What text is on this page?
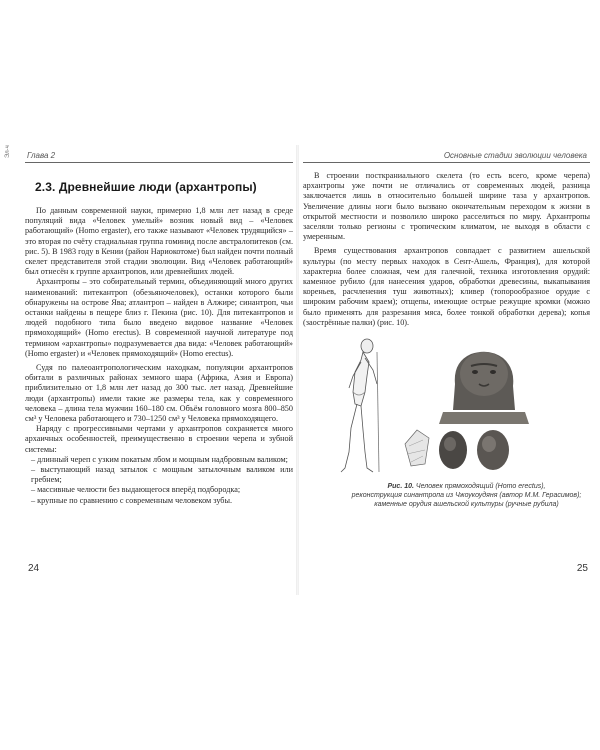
Эл-ч Глава 2
2.3. Древнейшие люди (архантропы)

По данным современной науки, примерно 1,8 млн лет назад в среде популяций вида «Человек умелый» возник новый вид – «Человек работающий» (Homo ergaster), его также называют «Человек трудящийся» – это вторая по счёту стадиальная группа гоминид после австралопитеков (см. рис. 5). В 1983 году в Кении (район Нариокотоме) был найден почти полный скелет представителя этой стадии эволюции. Вид «Человек работающий» был отнесён к группе архантропов, или древнейших людей.

Архантропы – это собирательный термин, объединяющий много других наименований: питекантроп (обезьяночеловек), останки которого были обнаружены на острове Ява; атлантроп – найден в Алжире; синантроп, чьи останки найдены в пещере близ г. Пекина (рис. 10). Для питекантропов и людей подобного типа было введено видовое название «Человек прямоходящий» (Homo erectus). В современной научной литературе под термином «архантропы» подразумевается два вида: «Человек работающий» (Homo ergaster) и «Человек прямоходящий» (Homo erectus).

Судя по палеоантропологическим находкам, популяции архантропов обитали в различных районах земного шара (Африка, Азия и Европа) приблизительно от 1,8 млн лет назад до 300 тыс. лет назад. Древнейшие люди (архантропы) имели такие же размеры тела, как у современного человека – длина тела мужчин 160–180 см. Объём головного мозга 800–850 см³ у Человека работающего и 730–1250 см³ у Человека прямоходящего.

Наряду с прогрессивными чертами у архантропов сохраняется много архаичных особенностей, преимущественно в строении черепа и зубной системы:

– длинный череп с узким покатым лбом и мощным надбровным валиком;

– выступающий назад затылок с мощным затылочным валиком или гребнем;

– массивные челюсти без выдающегося вперёд подбородка;

– крупные по сравнению с современным человеком зубы.

Основные стадии эволюции человека

В строении посткраниального скелета (то есть всего, кроме черепа) архантропы уже почти не отличались от современных людей, разница заключается лишь в относительно большей ширине таза у архантропов. Увеличение длины ноги было вызвано окончательным переходом к жизни в открытой местности и позволило широко расселиться по миру. Архантропы заселяли только регионы с тропическим климатом, не выходя в области с умеренным.

Время существования архантропов совпадает с развитием ашельской культуры (по месту первых находок в Сент-Ашель, Франция), для которой характерна более сложная, чем для галечной, техника изготовления орудий: каменное рубило (для нанесения ударов, обработки древесины, выкапывания кореньев, расчленения туш животных); кливер (топорообразное орудие с широким рабочим краем); отщепы, имеющие острые режущие кромки (можно было применять для разрезания мяса, более тонкой обработки дерева); копья (заострённые палки) (рис. 10).

Рис. 10. Человек прямоходящий (Homo erectus),
реконструкция синантропа из Чжоукоудяня (автор М.М. Герасимов);
каменные орудия ашельской культуры (ручные рубила)
24	25
